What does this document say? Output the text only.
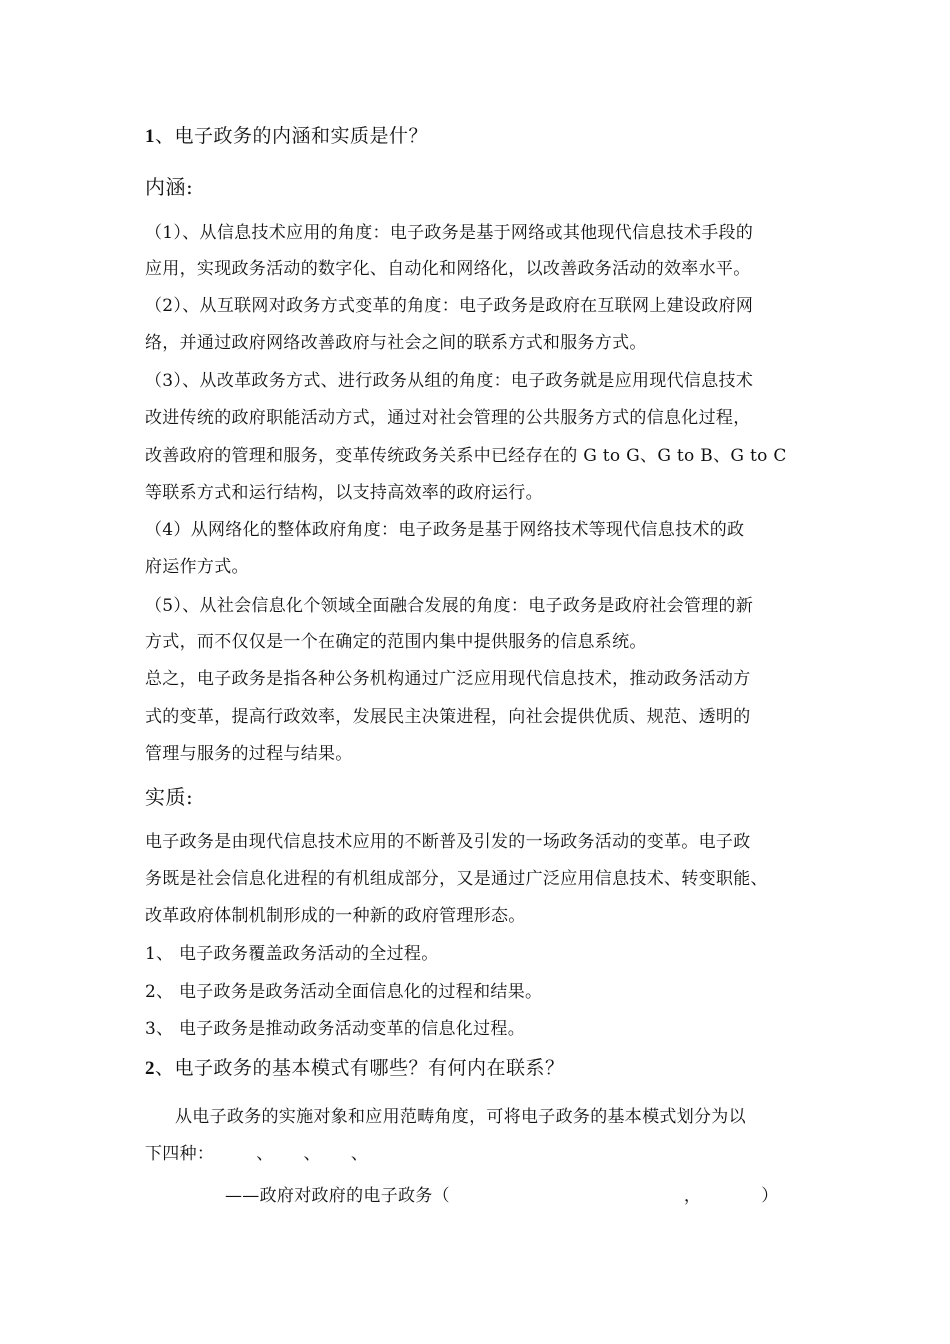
1、电子政务的内涵和实质是什？
内涵:
（1）、从信息技术应用的角度：电子政务是基于网络或其他现代信息技术手段的
应用，实现政务活动的数字化、自动化和网络化，以改善政务活动的效率水平。
（2）、从互联网对政务方式变革的角度：电子政务是政府在互联网上建设政府网
络，并通过政府网络改善政府与社会之间的联系方式和服务方式。
（3）、从改革政务方式、进行政务从组的角度：电子政务就是应用现代信息技术
改进传统的政府职能活动方式，通过对社会管理的公共服务方式的信息化过程，
改善政府的管理和服务，变革传统政务关系中已经存在的 G to G、G to B、G to C
等联系方式和运行结构，以支持高效率的政府运行。
（4）从网络化的整体政府角度：电子政务是基于网络技术等现代信息技术的政
府运作方式。
（5）、从社会信息化个领域全面融合发展的角度：电子政务是政府社会管理的新
方式，而不仅仅是一个在确定的范围内集中提供服务的信息系统。
总之，电子政务是指各种公务机构通过广泛应用现代信息技术，推动政务活动方
式的变革，提高行政效率，发展民主决策进程，向社会提供优质、规范、透明的
管理与服务的过程与结果。
实质:
电子政务是由现代信息技术应用的不断普及引发的一场政务活动的变革。电子政
务既是社会信息化进程的有机组成部分，又是通过广泛应用信息技术、转变职能、
改革政府体制机制形成的一种新的政府管理形态。
1、 电子政务覆盖政务活动的全过程。
2、 电子政务是政务活动全面信息化的过程和结果。
3、 电子政务是推动政务活动变革的信息化过程。
2、电子政务的基本模式有哪些？有何内在联系？
从电子政务的实施对象和应用范畴角度，可将电子政务的基本模式划分为以
下四种： 、 、 、
——政府对政府的电子政务（	，	）
